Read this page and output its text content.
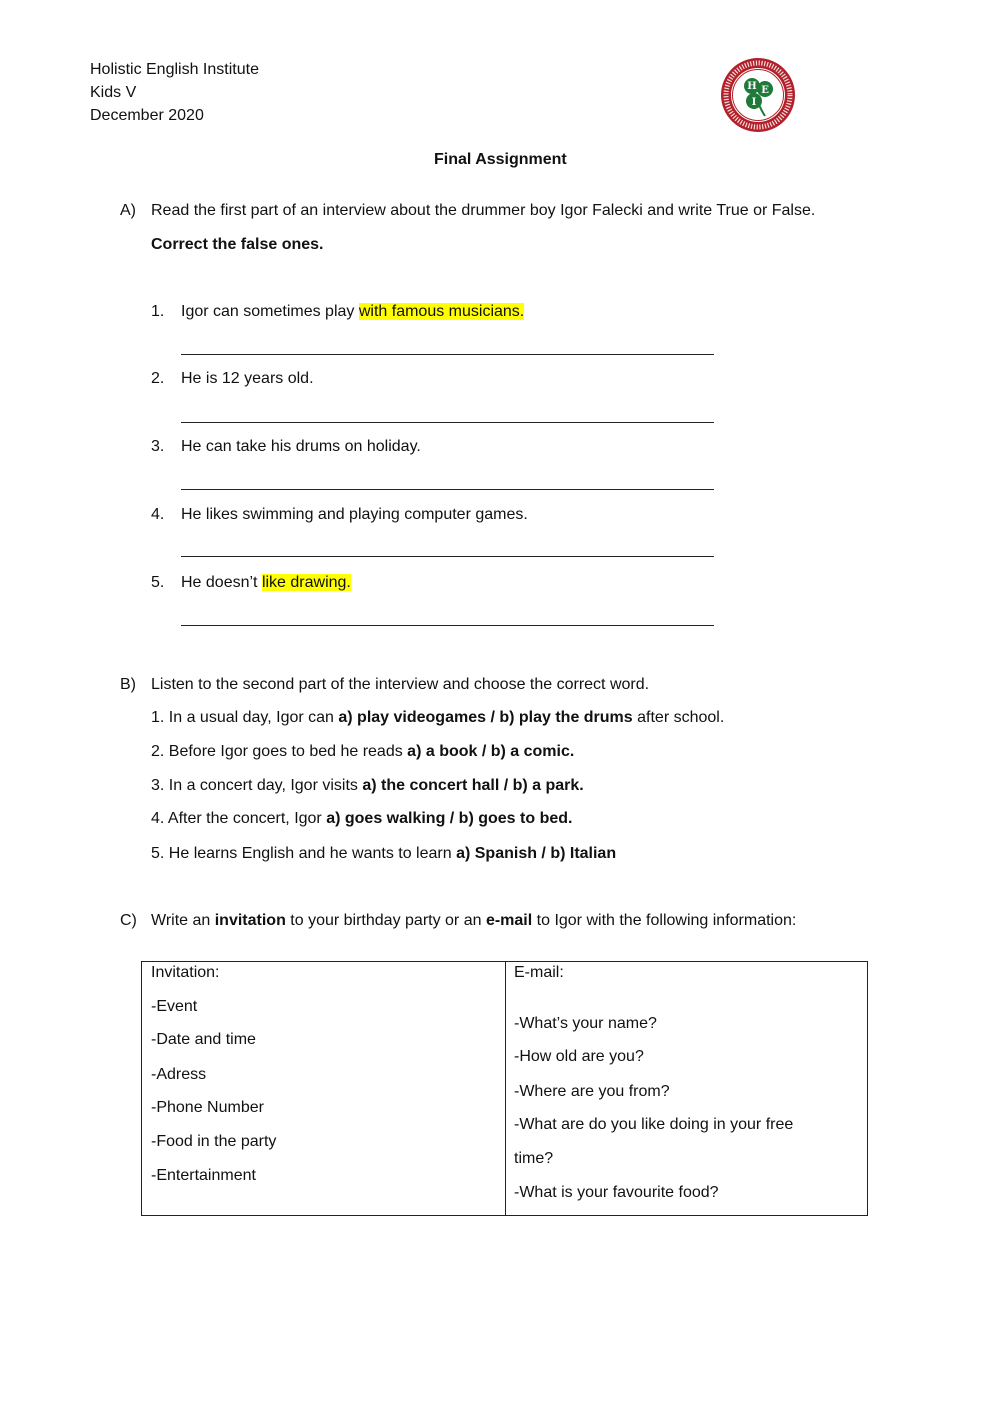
Holistic English Institute
Kids V
December 2020
H E
I
Final Assignment
A) Read the first part of an interview about the drummer boy Igor Falecki and write True or False.
Correct the false ones.
1. Igor can sometimes play with famous musicians.
2. He is 12 years old.
3. He can take his drums on holiday.
4. He likes swimming and playing computer games.
5. He doesn’t like drawing.
B) Listen to the second part of the interview and choose the correct word.
1. In a usual day, Igor can a) play videogames / b) play the drums after school.
2. Before Igor goes to bed he reads a) a book / b) a comic.
3. In a concert day, Igor visits a) the concert hall / b) a park.
4. After the concert, Igor a) goes walking / b) goes to bed.
5. He learns English and he wants to learn a) Spanish / b) Italian
C) Write an invitation to your birthday party or an e-mail to Igor with the following information:
Invitation:
-Event
-Date and time
-Adress
-Phone Number
-Food in the party
-Entertainment

E-mail:
-What’s your name?
-How old are you?
-Where are you from?
-What are do you like doing in your free
time?
-What is your favourite food?
